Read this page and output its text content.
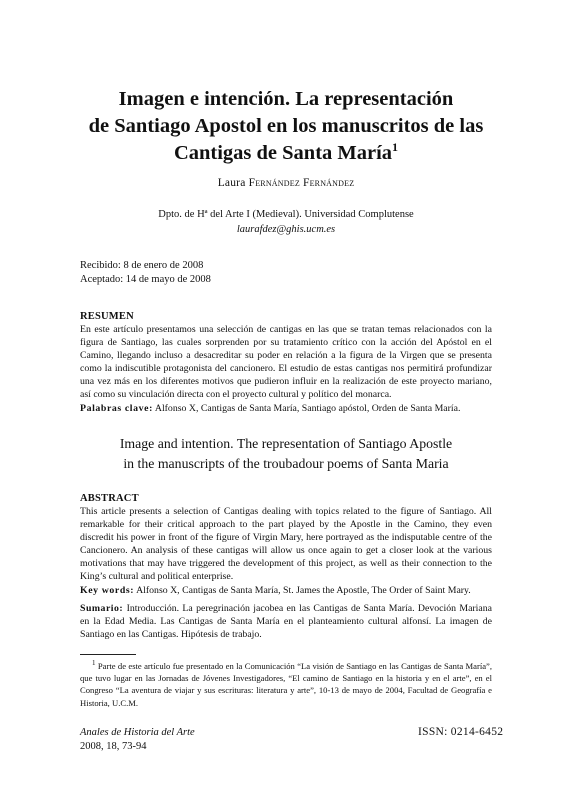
Imagen e intención. La representación
de Santiago Apostol en los manuscritos de las
Cantigas de Santa María$^1$
Laura Fernández Fernández
Dpto. de Hª del Arte I (Medieval). Universidad Complutense
laurafdez@ghis.ucm.es
Recibido: 8 de enero de 2008
Aceptado: 14 de mayo de 2008
RESUMEN
En este artículo presentamos una selección de cantigas en las que se tratan temas relacionados con la figura de Santiago, las cuales sorprenden por su tratamiento crítico con la acción del Apóstol en el Camino, llegando incluso a desacreditar su poder en relación a la figura de la Virgen que se presenta como la indiscutible protagonista del cancionero. El estudio de estas cantigas nos permitirá profundizar una vez más en los diferentes motivos que pudieron influir en la realización de este proyecto mariano, así como su vinculación directa con el proyecto cultural y político del monarca.
Palabras clave: Alfonso X, Cantigas de Santa María, Santiago apóstol, Orden de Santa María.
Image and intention. The representation of Santiago Apostle
in the manuscripts of the troubadour poems of Santa Maria
ABSTRACT
This article presents a selection of Cantigas dealing with topics related to the figure of Santiago. All remarkable for their critical approach to the part played by the Apostle in the Camino, they even discredit his power in front of the figure of Virgin Mary, here portrayed as the indisputable centre of the Cancionero. An analysis of these cantigas will allow us once again to get a closer look at the various motivations that may have triggered the development of this project, as well as their connection to the King’s cultural and political enterprise.
Key words: Alfonso X, Cantigas de Santa María, St. James the Apostle, The Order of Saint Mary.
Sumario: Introducción. La peregrinación jacobea en las Cantigas de Santa María. Devoción Mariana en la Edad Media. Las Cantigas de Santa María en el planteamiento cultural alfonsí. La imagen de Santiago en las Cantigas. Hipótesis de trabajo.
$^1$ Parte de este artículo fue presentado en la Comunicación “La visión de Santiago en las Cantigas de Santa María”, que tuvo lugar en las Jornadas de Jóvenes Investigadores, “El camino de Santiago en la historia y en el arte”, en el Congreso “La aventura de viajar y sus escrituras: literatura y arte”, 10-13 de mayo de 2004, Facultad de Geografía e Historia, U.C.M.
Anales de Historia del Arte
2008, 18, 73-94
ISSN: 0214-6452
